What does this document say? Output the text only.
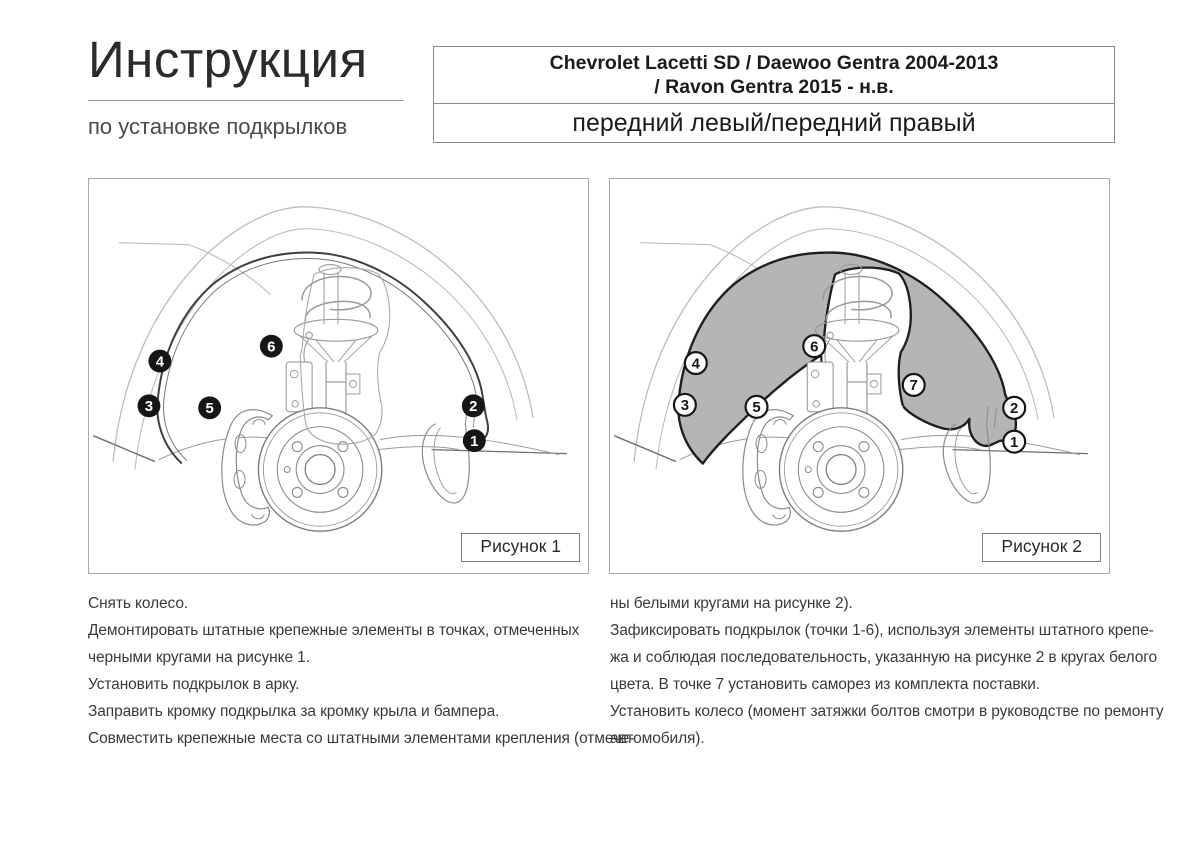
Инструкция
по установке подкрылков
Chevrolet Lacetti SD / Daewoo Gentra 2004-2013
/ Ravon Gentra 2015 - н.в.
передний левый/передний правый
4
3
6
5	2
1
Рисунок 1
4
3
6
5
7
2
1
Рисунок 2
Снять колесо.
Демонтировать штатные крепежные элементы в точках, отмеченных
черными кругами на рисунке 1.
Установить подкрылок в арку.
Заправить кромку подкрылка за кромку крыла и бампера.
Совместить крепежные места со штатными элементами крепления (отмече-
ны белыми кругами на рисунке 2).
Зафиксировать подкрылок (точки 1-6), используя элементы штатного крепе-
жа и соблюдая последовательность, указанную на рисунке 2 в кругах белого
цвета. В точке 7 установить саморез из комплекта поставки.
Установить колесо (момент затяжки болтов смотри в руководстве по ремонту
автомобиля).
